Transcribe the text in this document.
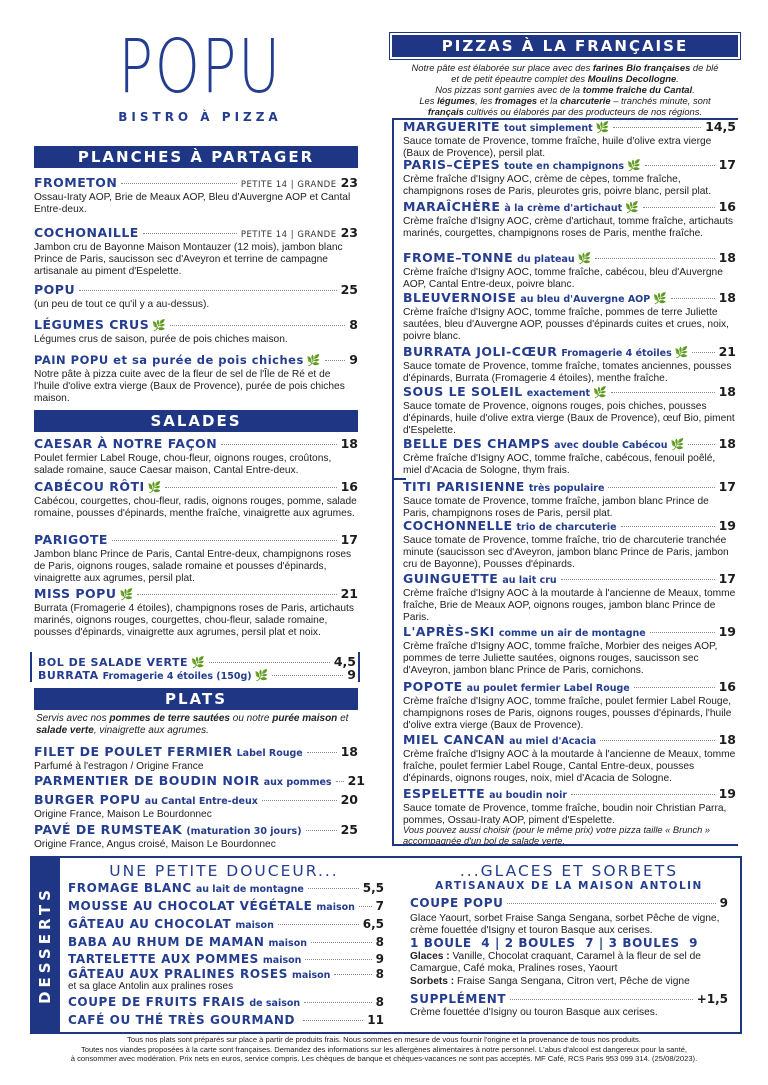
POPU
BISTRO À PIZZA
PLANCHES À PARTAGER
FROMETON	PETITE 14 | GRANDE 23
Ossau-Iraty AOP, Brie de Meaux AOP, Bleu d'Auvergne AOP et Cantal Entre-deux.
COCHONAILLE	PETITE 14 | GRANDE 23
Jambon cru de Bayonne Maison Montauzer (12 mois), jambon blanc Prince de Paris, saucisson sec d'Aveyron et terrine de campagne artisanale au piment d'Espelette.
POPU	25
(un peu de tout ce qu'il y a au-dessus).
LÉGUMES CRUS 🌿	8
Légumes crus de saison, purée de pois chiches maison.
PAIN POPU et sa purée de pois chiches 🌿 9
Notre pâte à pizza cuite avec de la fleur de sel de l'Île de Ré et de l'huile d'olive extra vierge (Baux de Provence), purée de pois chiches maison.
SALADES
CAESAR À NOTRE FAÇON	18
Poulet fermier Label Rouge, chou-fleur, oignons rouges, croûtons, salade romaine, sauce Caesar maison, Cantal Entre-deux.
CABÉCOU RÔTI 🌿	16
Cabécou, courgettes, chou-fleur, radis, oignons rouges, pomme, salade romaine, pousses d'épinards, menthe fraîche, vinaigrette aux agrumes.
PARIGOTE	17
Jambon blanc Prince de Paris, Cantal Entre-deux, champignons roses de Paris, oignons rouges, salade romaine et pousses d'épinards, vinaigrette aux agrumes, persil plat.
MISS POPU 🌿	21
Burrata (Fromagerie 4 étoiles), champignons roses de Paris, artichauts marinés, oignons rouges, courgettes, chou-fleur, salade romaine, pousses d'épinards, vinaigrette aux agrumes, persil plat et noix.
BOL DE SALADE VERTE 🌿	4,5
BURRATA Fromagerie 4 étoiles (150g) 🌿	9
PLATS
Servis avec nos pommes de terre sautées ou notre purée maison et salade verte, vinaigrette aux agrumes.
FILET DE POULET FERMIER Label Rouge	18
Parfumé à l'estragon / Origine France
PARMENTIER DE BOUDIN NOIR aux pommes 21
BURGER POPU au Cantal Entre-deux	20
Origine France, Maison Le Bourdonnec
PAVÉ DE RUMSTEAK (maturation 30 jours)	25
Origine France, Angus croisé, Maison Le Bourdonnec
PIZZAS À LA FRANÇAISE
Notre pâte est élaborée sur place avec des farines Bio françaises de blé
et de petit épeautre complet des Moulins Decollogne.
Nos pizzas sont garnies avec de la tomme fraîche du Cantal.
Les légumes, les fromages et la charcuterie – tranchés minute, sont
français cultivés ou élaborés par des producteurs de nos régions.
MARGUERITE tout simplement 🌿	14,5
Sauce tomate de Provence, tomme fraîche, huile d'olive extra vierge (Baux de Provence), persil plat.
PARIS–CÈPES toute en champignons 🌿	17
Crème fraîche d'Isigny AOC, crème de cèpes, tomme fraîche, champignons roses de Paris, pleurotes gris, poivre blanc, persil plat.
MARAÎCHÈRE à la crème d'artichaut 🌿	16
Crème fraîche d'Isigny AOC, crème d'artichaut, tomme fraîche, artichauts marinés, courgettes, champignons roses de Paris, menthe fraîche.
FROME–TONNE du plateau 🌿	18
Crème fraîche d'Isigny AOC, tomme fraîche, cabécou, bleu d'Auvergne AOP, Cantal Entre-deux, poivre blanc.
BLEUVERNOISE au bleu d'Auvergne AOP 🌿	18
Crème fraîche d'Isigny AOC, tomme fraîche, pommes de terre Juliette sautées, bleu d'Auvergne AOP, pousses d'épinards cuites et crues, noix, poivre blanc.
BURRATA JOLI-CŒUR Fromagerie 4 étoiles 🌿 21
Sauce tomate de Provence, tomme fraîche, tomates anciennes, pousses d'épinards, Burrata (Fromagerie 4 étoiles), menthe fraîche.
SOUS LE SOLEIL exactement 🌿	18
Sauce tomate de Provence, oignons rouges, pois chiches, pousses d'épinards, huile d'olive extra vierge (Baux de Provence), œuf Bio, piment d'Espelette.
BELLE DES CHAMPS avec double Cabécou 🌿	18
Crème fraîche d'Isigny AOC, tomme fraîche, cabécous, fenouil poêlé, miel d'Acacia de Sologne, thym frais.
TITI PARISIENNE très populaire	17
Sauce tomate de Provence, tomme fraîche, jambon blanc Prince de Paris, champignons roses de Paris, persil plat.
COCHONNELLE trio de charcuterie	19
Sauce tomate de Provence, tomme fraîche, trio de charcuterie tranchée minute (saucisson sec d'Aveyron, jambon blanc Prince de Paris, jambon cru de Bayonne), Pousses d'épinards.
GUINGUETTE au lait cru	17
Crème fraîche d'Isigny AOC à la moutarde à l'ancienne de Meaux, tomme fraîche, Brie de Meaux AOP, oignons rouges, jambon blanc Prince de Paris.
L'APRÈS-SKI comme un air de montagne	19
Crème fraîche d'Isigny AOC, tomme fraîche, Morbier des neiges AOP, pommes de terre Juliette sautées, oignons rouges, saucisson sec d'Aveyron, jambon blanc Prince de Paris, cornichons.
POPOTE au poulet fermier Label Rouge	16
Crème fraîche d'Isigny AOC, tomme fraîche, poulet fermier Label Rouge, champignons roses de Paris, oignons rouges, pousses d'épinards, l'huile d'olive extra vierge (Baux de Provence).
MIEL CANCAN au miel d'Acacia	18
Crème fraîche d'Isigny AOC à la moutarde à l'ancienne de Meaux, tomme fraîche, poulet fermier Label Rouge, Cantal Entre-deux, pousses d'épinards, oignons rouges, noix, miel d'Acacia de Sologne.
ESPELETTE au boudin noir	19
Sauce tomate de Provence, tomme fraîche, boudin noir Christian Parra, pommes, Ossau-Iraty AOP, piment d'Espelette.
Vous pouvez aussi choisir (pour le même prix) votre pizza taille « Brunch » accompagnée d'un bol de salade verte.
DESSERTS
UNE PETITE DOUCEUR...
FROMAGE BLANC au lait de montagne	5,5
MOUSSE AU CHOCOLAT VÉGÉTALE maison 7
GÂTEAU AU CHOCOLAT maison	6,5
BABA AU RHUM DE MAMAN maison	8
TARTELETTE AUX POMMES maison	9
GÂTEAU AUX PRALINES ROSES maison	8
COUPE DE FRUITS FRAIS de saison	8
CAFÉ OU THÉ TRÈS GOURMAND	11
et sa glace Antolin aux pralines roses
...GLACES ET SORBETS
ARTISANAUX DE LA MAISON ANTOLIN
COUPE POPU	9
Glace Yaourt, sorbet Fraise Sanga Sengana, sorbet Pêche de vigne, crème fouettée d'Isigny et touron Basque aux cerises.
1 BOULE  4 | 2 BOULES  7 | 3 BOULES  9
Glaces : Vanille, Chocolat craquant, Caramel à la fleur de sel de Camargue, Café moka, Pralines roses, Yaourt
Sorbets : Fraise Sanga Sengana, Citron vert, Pêche de vigne
SUPPLÉMENT	+1,5
Crème fouettée d'Isigny ou touron Basque aux cerises.
Tous nos plats sont préparés sur place à partir de produits frais. Nous sommes en mesure de vous fournir l'origine et la provenance de tous nos produits.
Toutes nos viandes proposées à la carte sont françaises. Demandez des informations sur les allergènes alimentaires à notre personnel. L'abus d'alcool est dangereux pour la santé,
à consommer avec modération. Prix nets en euros, service compris. Les chèques de banque et chèques-vacances ne sont pas acceptés. MF Café, RCS Paris 953 099 314. (25/08/2023).
